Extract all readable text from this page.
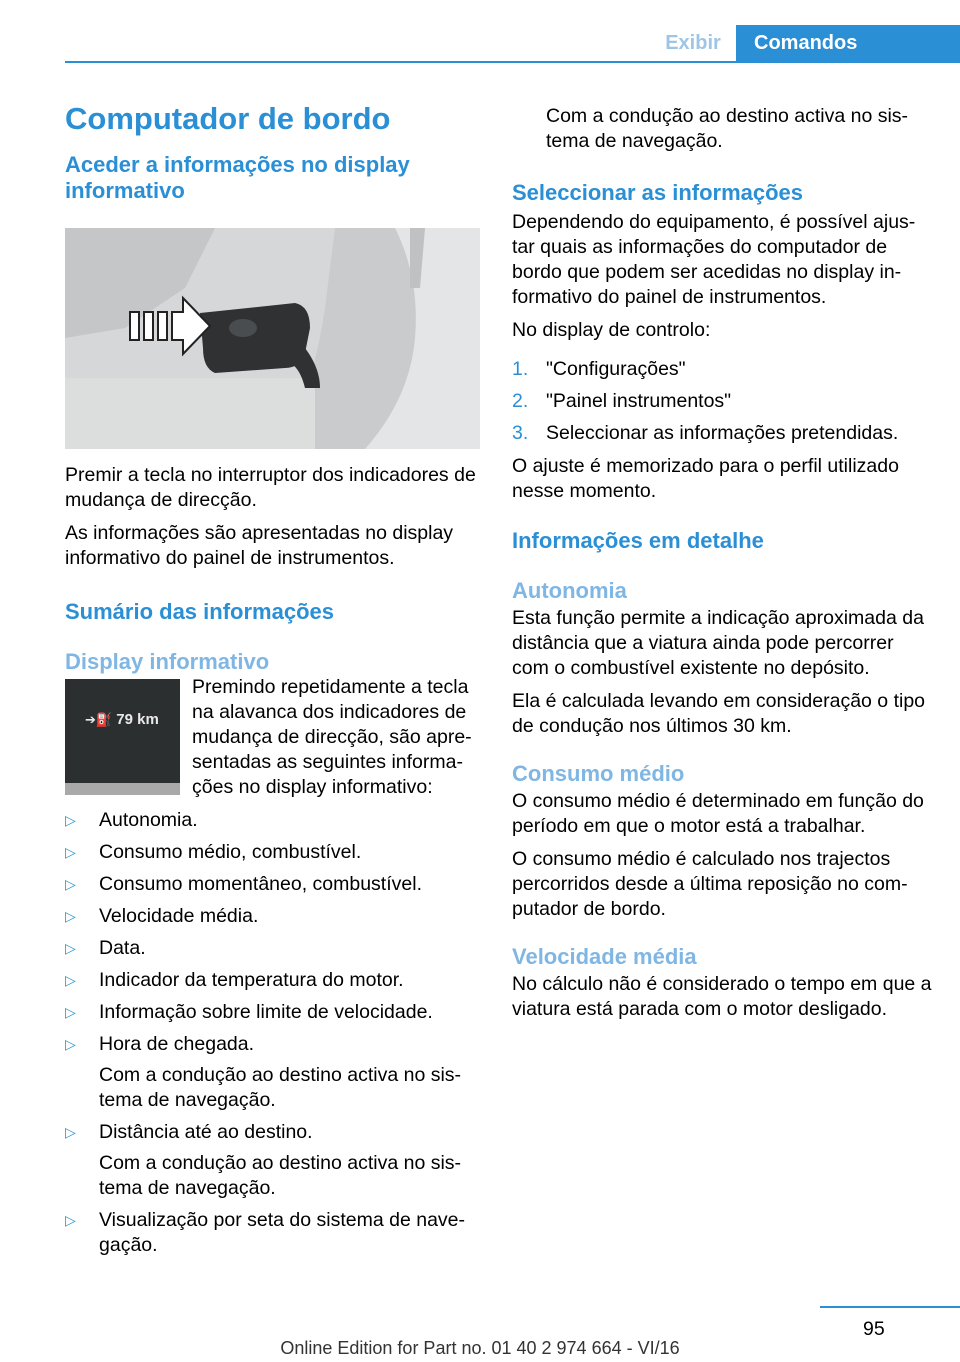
Exibir	Comandos
Computador de bordo
Aceder a informações no display informativo

Premir a tecla no interruptor dos indicadores de mudança de direcção.

As informações são apresentadas no display informativo do painel de instrumentos.

Sumário das informações
Display informativo
➔⛽ 79 km

Premindo repetidamente a tecla na alavanca dos indicadores de mudança de direcção, são apre-sentadas as seguintes informa-ções no display informativo:

▷ Autonomia.
▷ Consumo médio, combustível.
▷ Consumo momentâneo, combustível.
▷ Velocidade média.
▷ Data.
▷ Indicador da temperatura do motor.
▷ Informação sobre limite de velocidade.
▷ Hora de chegada.
Com a condução ao destino activa no sis-tema de navegação.
▷ Distância até ao destino.
Com a condução ao destino activa no sis-tema de navegação.
▷ Visualização por seta do sistema de nave-gação.

Com a condução ao destino activa no sis-tema de navegação.

Seleccionar as informações

Dependendo do equipamento, é possível ajus-tar quais as informações do computador de bordo que podem ser acedidas no display in-formativo do painel de instrumentos.

No display de controlo:

1. "Configurações"
2. "Painel instrumentos"
3. Seleccionar as informações pretendidas.

O ajuste é memorizado para o perfil utilizado nesse momento.

Informações em detalhe
Autonomia

Esta função permite a indicação aproximada da distância que a viatura ainda pode percorrer com o combustível existente no depósito.

Ela é calculada levando em consideração o tipo de condução nos últimos 30 km.

Consumo médio

O consumo médio é determinado em função do período em que o motor está a trabalhar.

O consumo médio é calculado nos trajectos percorridos desde a última reposição no com-putador de bordo.

Velocidade média

No cálculo não é considerado o tempo em que a viatura está parada com o motor desligado.

95
Online Edition for Part no. 01 40 2 974 664 - VI/16
